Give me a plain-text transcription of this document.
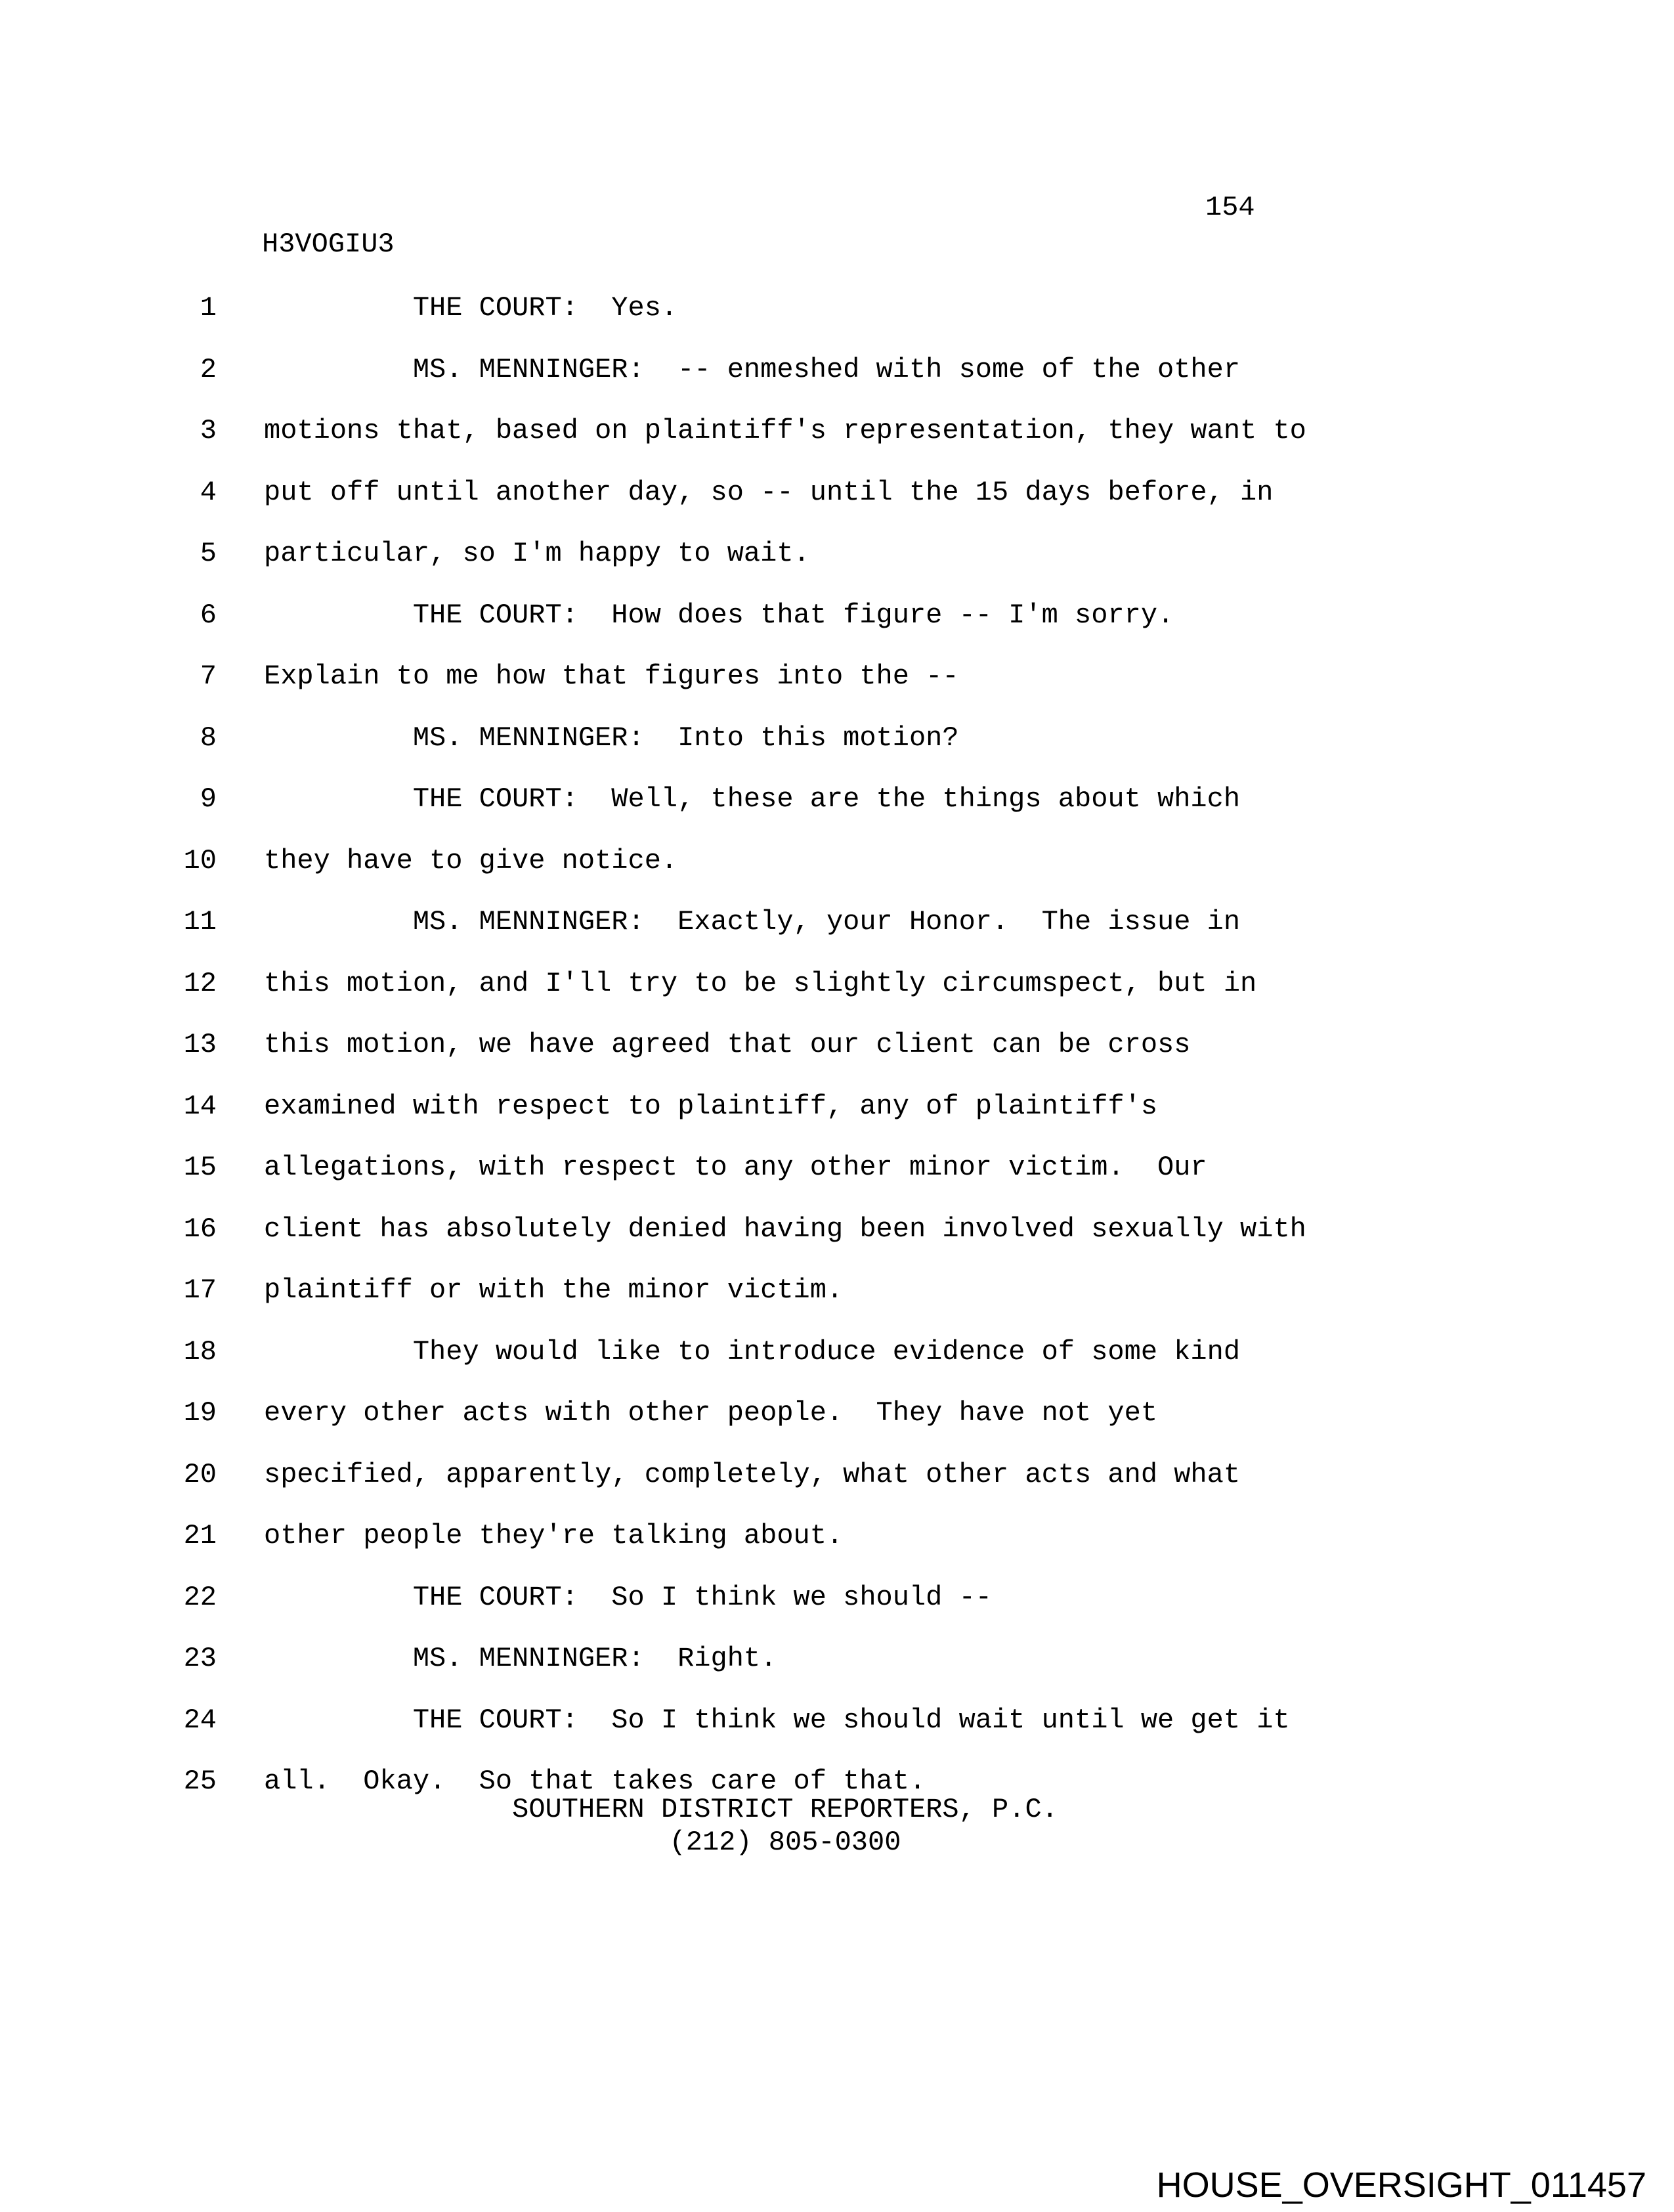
154
H3VOGIU3
1 THE COURT:  Yes.
2 MS. MENNINGER:  -- enmeshed with some of the other
3 motions that, based on plaintiff's representation, they want to
4 put off until another day, so -- until the 15 days before, in
5 particular, so I'm happy to wait.
6 THE COURT:  How does that figure -- I'm sorry.
7 Explain to me how that figures into the --
8 MS. MENNINGER:  Into this motion?
9 THE COURT:  Well, these are the things about which
10 they have to give notice.
11 MS. MENNINGER:  Exactly, your Honor.  The issue in
12 this motion, and I'll try to be slightly circumspect, but in
13 this motion, we have agreed that our client can be cross
14 examined with respect to plaintiff, any of plaintiff's
15 allegations, with respect to any other minor victim.  Our
16 client has absolutely denied having been involved sexually with
17 plaintiff or with the minor victim.
18 They would like to introduce evidence of some kind
19 every other acts with other people.  They have not yet
20 specified, apparently, completely, what other acts and what
21 other people they're talking about.
22 THE COURT:  So I think we should --
23 MS. MENNINGER:  Right.
24 THE COURT:  So I think we should wait until we get it
25 all.  Okay.  So that takes care of that.
SOUTHERN DISTRICT REPORTERS, P.C.
(212) 805-0300
HOUSE_OVERSIGHT_011457
